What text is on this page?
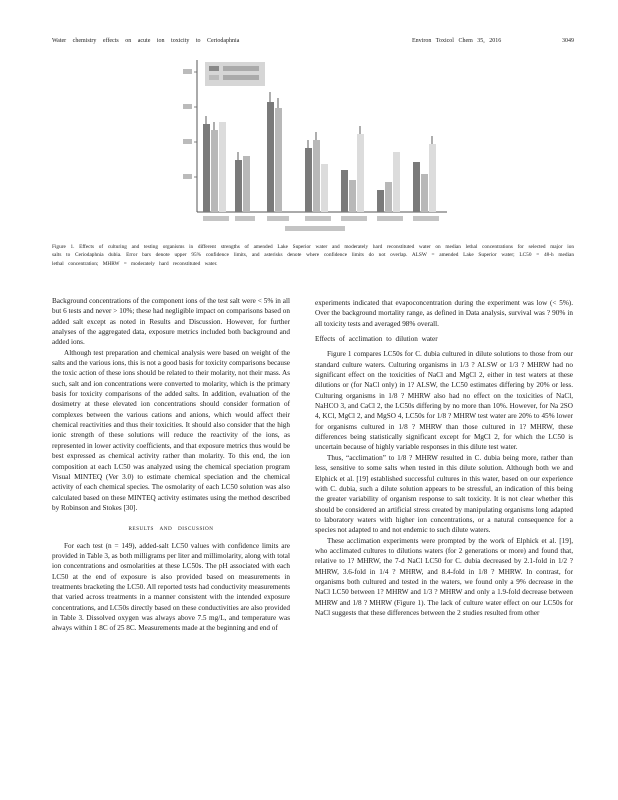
Water chemistry effects on acute ion toxicity to Ceriodaphnia	Environ Toxicol Chem 35, 2016	3049
Figure 1. Effects of culturing and testing organisms in different strengths of amended Lake Superior water and moderately hard reconstituted water on median lethal concentrations for selected major ion salts to Ceriodaphnia dubia. Error bars denote upper 95% confidence limits, and asterisks denote where confidence limits do not overlap. ALSW = amended Lake Superior water; LC50 = 48-h median lethal concentration; MHRW = moderately hard reconstituted water.

Background concentrations of the component ions of the test salt were < 5% in all but 6 tests and never > 10%; these had negligible impact on comparisons based on added salt except as noted in Results and Discussion. However, for further analyses of the aggregated data, exposure metrics included both background and added ions.

Although test preparation and chemical analysis were based on weight of the salts and the various ions, this is not a good basis for toxicity comparisons because the toxic action of these ions should be related to their molarity, not their mass. As such, salt and ion concentrations were converted to molarity, which is the primary basis for toxicity comparisons of the added salts. In addition, evaluation of the dosimetry at these elevated ion concentrations should consider formation of complexes between the various cations and anions, which would affect their chemical reactivities and thus their toxicities. It should also consider that the high ionic strength of these solutions will reduce the reactivity of the ions, as represented in lower activity coefficients, and that exposure metrics thus would be best expressed as chemical activity rather than molarity. To this end, the ion composition at each LC50 was analyzed using the chemical speciation program Visual MINTEQ (Ver 3.0) to estimate chemical speciation and the chemical activity of each chemical species. The osmolarity of each LC50 solution was also calculated based on these MINTEQ activity estimates using the method described by Robinson and Stokes [30].

RESULTS AND DISCUSSION

For each test (n = 149), added-salt LC50 values with confidence limits are provided in Table 3, as both milligrams per liter and millimolarity, along with total ion concentrations and osmolarities at these LC50s. The pH associated with each LC50 at the end of exposure is also provided based on measurements in treatments bracketing the LC50. All reported tests had conductivity measurements that varied across treatments in a manner consistent with the intended exposure concentrations, and LC50s directly based on these conductivities are also provided in Table 3. Dissolved oxygen was always above 7.5 mg/L, and temperature was always within 1 8C of 25 8C. Measurements made at the beginning and end of

experiments indicated that evapoconcentration during the experiment was low (< 5%). Over the background mortality range, as defined in Data analysis, survival was ? 90% in all toxicity tests and averaged 98% overall.

Effects of acclimation to dilution water

Figure 1 compares LC50s for C. dubia cultured in dilute solutions to those from our standard culture waters. Culturing organisms in 1/3 ? ALSW or 1/3 ? MHRW had no significant effect on the toxicities of NaCl and MgCl 2, either in test waters at these dilutions or (for NaCl only) in 1? ALSW, the LC50 estimates differing by 20% or less. Culturing organisms in 1/8 ? MHRW also had no effect on the toxicities of NaCl, NaHCO 3, and CaCl 2, the LC50s differing by no more than 10%. However, for Na 2SO 4, KCl, MgCl 2, and MgSO 4, LC50s for 1/8 ? MHRW test water are 20% to 45% lower for organisms cultured in 1/8 ? MHRW than those cultured in 1? MHRW, these differences being statistically significant except for MgCl 2, for which the LC50 is uncertain because of highly variable responses in this dilute test water.

Thus, “acclimation” to 1/8 ? MHRW resulted in C. dubia being more, rather than less, sensitive to some salts when tested in this dilute solution. Although both we and Elphick et al. [19] established successful cultures in this water, based on our experience with C. dubia, such a dilute solution appears to be stressful, an indication of this being the greater variability of organism response to salt toxicity. It is not clear whether this should be considered an artificial stress created by manipulating organisms long adapted to laboratory waters with higher ion concentrations, or a natural consequence for a species not adapted to and not endemic to such dilute waters.

These acclimation experiments were prompted by the work of Elphick et al. [19], who acclimated cultures to dilutions waters (for 2 generations or more) and found that, relative to 1? MHRW, the 7-d NaCl LC50 for C. dubia decreased by 2.1-fold in 1/2 ? MHRW, 3.6-fold in 1/4 ? MHRW, and 8.4-fold in 1/8 ? MHRW. In contrast, for organisms both cultured and tested in the waters, we found only a 9% decrease in the NaCl LC50 between 1? MHRW and 1/3 ? MHRW and only a 1.9-fold decrease between MHRW and 1/8 ? MHRW (Figure 1). The lack of culture water effect on our LC50s for NaCl suggests that these differences between the 2 studies resulted from other
